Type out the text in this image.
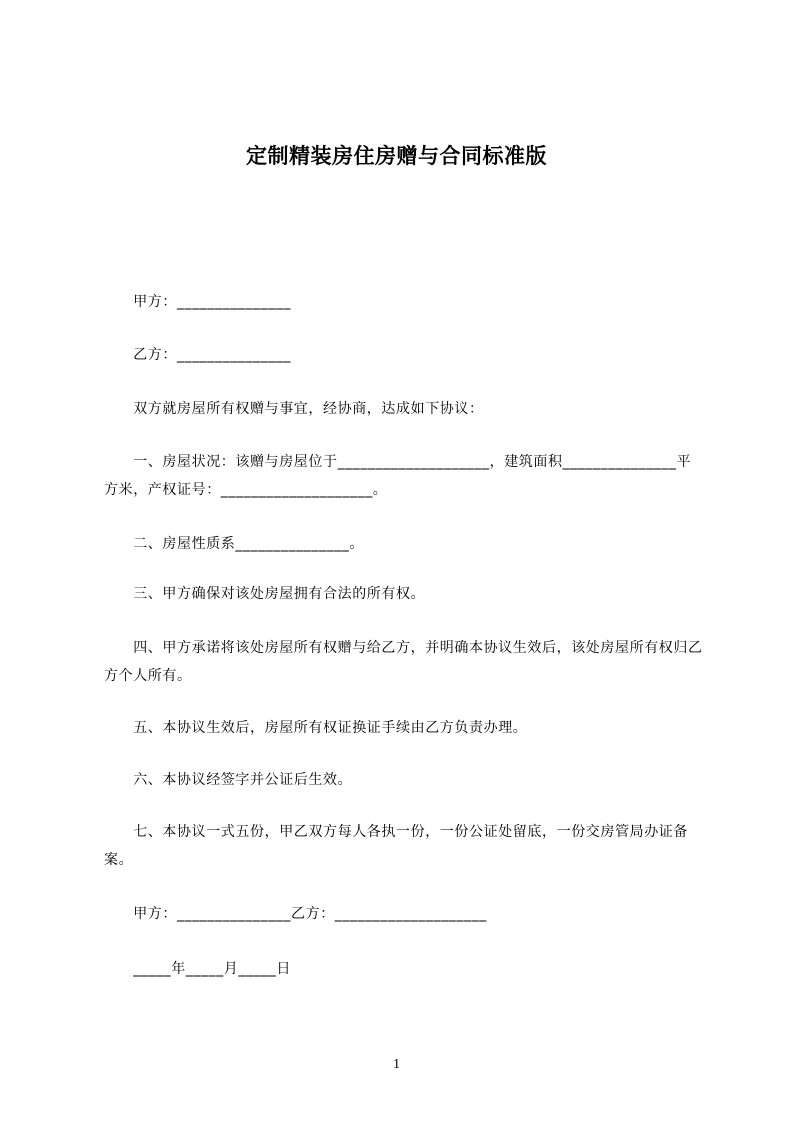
定制精装房住房赠与合同标准版
　　甲方：_______________
　　乙方：_______________
　　双方就房屋所有权赠与事宜，经协商，达成如下协议：
　　一、房屋状况：该赠与房屋位于____________________，建筑面积_______________平方米，产权证号：____________________。
　　二、房屋性质系_______________。
　　三、甲方确保对该处房屋拥有合法的所有权。
　　四、甲方承诺将该处房屋所有权赠与给乙方，并明确本协议生效后，该处房屋所有权归乙方个人所有。
　　五、本协议生效后，房屋所有权证换证手续由乙方负责办理。
　　六、本协议经签字并公证后生效。
　　七、本协议一式五份，甲乙双方每人各执一份，一份公证处留底，一份交房管局办证备案。
　　甲方：_______________乙方：____________________
　　_____年_____月_____日
1
